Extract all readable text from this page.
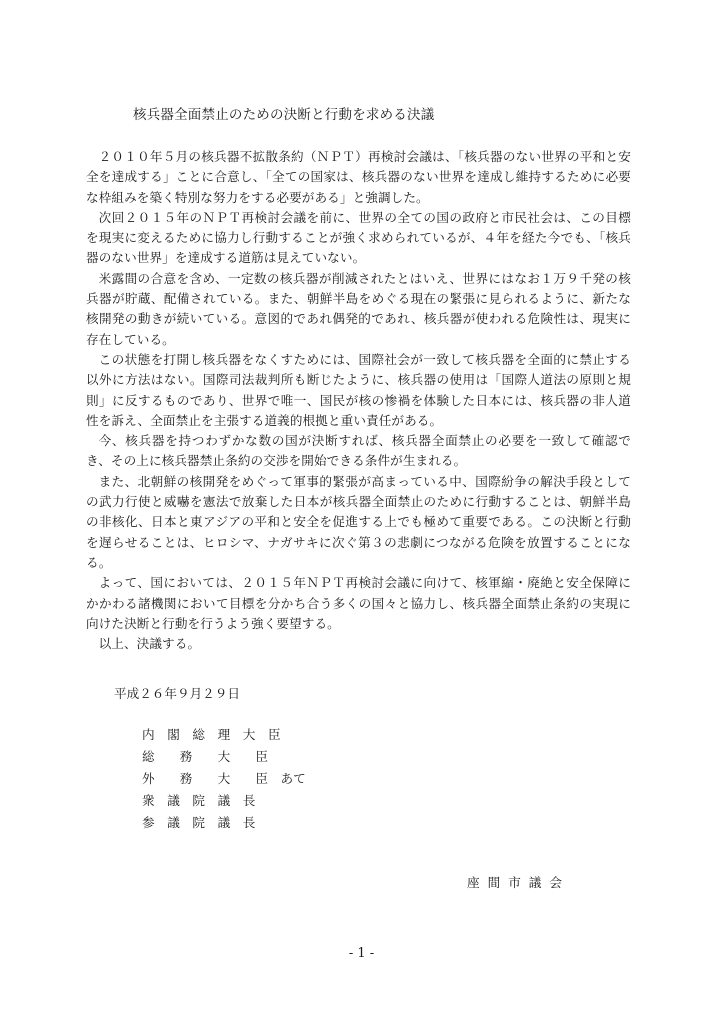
核兵器全面禁止のための決断と行動を求める決議

２０１０年５月の核兵器不拡散条約（ＮＰＴ）再検討会議は、「核兵器のない世界の平和と安全を達成する」ことに合意し、「全ての国家は、核兵器のない世界を達成し維持するために必要な枠組みを築く特別な努力をする必要がある」と強調した。

次回２０１５年のＮＰＴ再検討会議を前に、世界の全ての国の政府と市民社会は、この目標を現実に変えるために協力し行動することが強く求められているが、４年を経た今でも、「核兵器のない世界」を達成する道筋は見えていない。

米露間の合意を含め、一定数の核兵器が削減されたとはいえ、世界にはなお１万９千発の核兵器が貯蔵、配備されている。また、朝鮮半島をめぐる現在の緊張に見られるように、新たな核開発の動きが続いている。意図的であれ偶発的であれ、核兵器が使われる危険性は、現実に存在している。

この状態を打開し核兵器をなくすためには、国際社会が一致して核兵器を全面的に禁止する以外に方法はない。国際司法裁判所も断じたように、核兵器の使用は「国際人道法の原則と規則」に反するものであり、世界で唯一、国民が核の惨禍を体験した日本には、核兵器の非人道性を訴え、全面禁止を主張する道義的根拠と重い責任がある。

今、核兵器を持つわずかな数の国が決断すれば、核兵器全面禁止の必要を一致して確認でき、その上に核兵器禁止条約の交渉を開始できる条件が生まれる。

また、北朝鮮の核開発をめぐって軍事的緊張が高まっている中、国際紛争の解決手段としての武力行使と威嚇を憲法で放棄した日本が核兵器全面禁止のために行動することは、朝鮮半島の非核化、日本と東アジアの平和と安全を促進する上でも極めて重要である。この決断と行動を遅らせることは、ヒロシマ、ナガサキに次ぐ第３の悲劇につながる危険を放置することになる。

よって、国においては、２０１５年ＮＰＴ再検討会議に向けて、核軍縮・廃絶と安全保障にかかわる諸機関において目標を分かち合う多くの国々と協力し、核兵器全面禁止条約の実現に向けた決断と行動を行うよう強く要望する。

以上、決議する。

平成２６年９月２９日
内　閣　総　理　大　臣
総　　務　　大　　臣
外　　務　　大　　臣　あて
衆　議　院　議　長
参　議　院　議　長
座 間 市 議 会
- 1 -
